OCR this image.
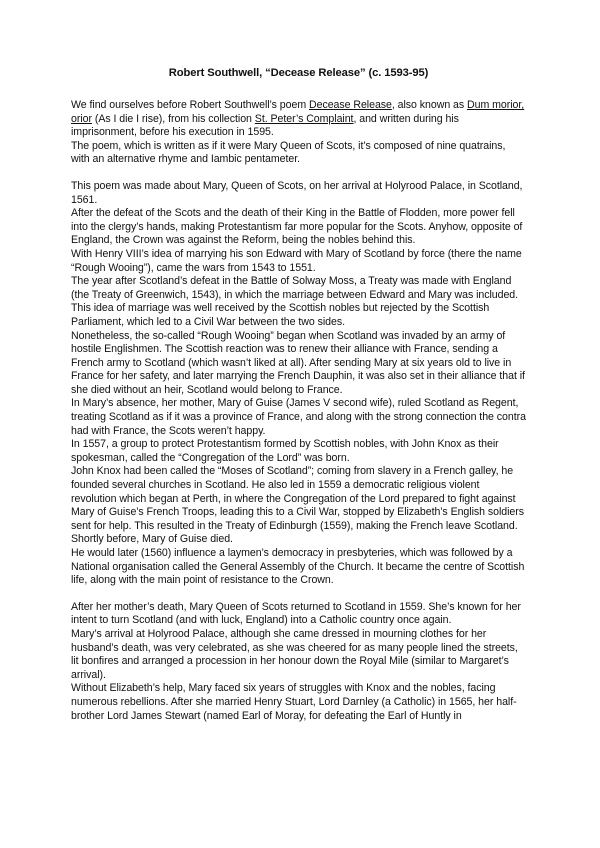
Robert Southwell, “Decease Release” (c. 1593-95)

We find ourselves before Robert Southwell’s poem Decease Release, also known as Dum morior, orior (As I die I rise), from his collection St. Peter’s Complaint, and written during his imprisonment, before his execution in 1595.

The poem, which is written as if it were Mary Queen of Scots, it’s composed of nine quatrains, with an alternative rhyme and Iambic pentameter.

This poem was made about Mary, Queen of Scots, on her arrival at Holyrood Palace, in Scotland, 1561.

After the defeat of the Scots and the death of their King in the Battle of Flodden, more power fell into the clergy’s hands, making Protestantism far more popular for the Scots. Anyhow, opposite of England, the Crown was against the Reform, being the nobles behind this.

With Henry VIII’s idea of marrying his son Edward with Mary of Scotland by force (there the name “Rough Wooing”), came the wars from 1543 to 1551.

The year after Scotland’s defeat in the Battle of Solway Moss, a Treaty was made with England (the Treaty of Greenwich, 1543), in which the marriage between Edward and Mary was included. This idea of marriage was well received by the Scottish nobles but rejected by the Scottish Parliament, which led to a Civil War between the two sides.

Nonetheless, the so-called “Rough Wooing” began when Scotland was invaded by an army of hostile Englishmen. The Scottish reaction was to renew their alliance with France, sending a French army to Scotland (which wasn’t liked at all). After sending Mary at six years old to live in France for her safety, and later marrying the French Dauphin, it was also set in their alliance that if she died without an heir, Scotland would belong to France.

In Mary’s absence, her mother, Mary of Guise (James V second wife), ruled Scotland as Regent, treating Scotland as if it was a province of France, and along with the strong connection the contra had with France, the Scots weren’t happy.

In 1557, a group to protect Protestantism formed by Scottish nobles, with John Knox as their spokesman, called the “Congregation of the Lord” was born.

John Knox had been called the “Moses of Scotland”; coming from slavery in a French galley, he founded several churches in Scotland. He also led in 1559 a democratic religious violent revolution which began at Perth, in where the Congregation of the Lord prepared to fight against Mary of Guise’s French Troops, leading this to a Civil War, stopped by Elizabeth’s English soldiers sent for help. This resulted in the Treaty of Edinburgh (1559), making the French leave Scotland. Shortly before, Mary of Guise died.

He would later (1560) influence a laymen’s democracy in presbyteries, which was followed by a National organisation called the General Assembly of the Church. It became the centre of Scottish life, along with the main point of resistance to the Crown.

After her mother’s death, Mary Queen of Scots returned to Scotland in 1559. She’s known for her intent to turn Scotland (and with luck, England) into a Catholic country once again.

Mary’s arrival at Holyrood Palace, although she came dressed in mourning clothes for her husband’s death, was very celebrated, as she was cheered for as many people lined the streets, lit bonfires and arranged a procession in her honour down the Royal Mile (similar to Margaret’s arrival).

Without Elizabeth’s help, Mary faced six years of struggles with Knox and the nobles, facing numerous rebellions. After she married Henry Stuart, Lord Darnley (a Catholic) in 1565, her half-brother Lord James Stewart (named Earl of Moray, for defeating the Earl of Huntly in
